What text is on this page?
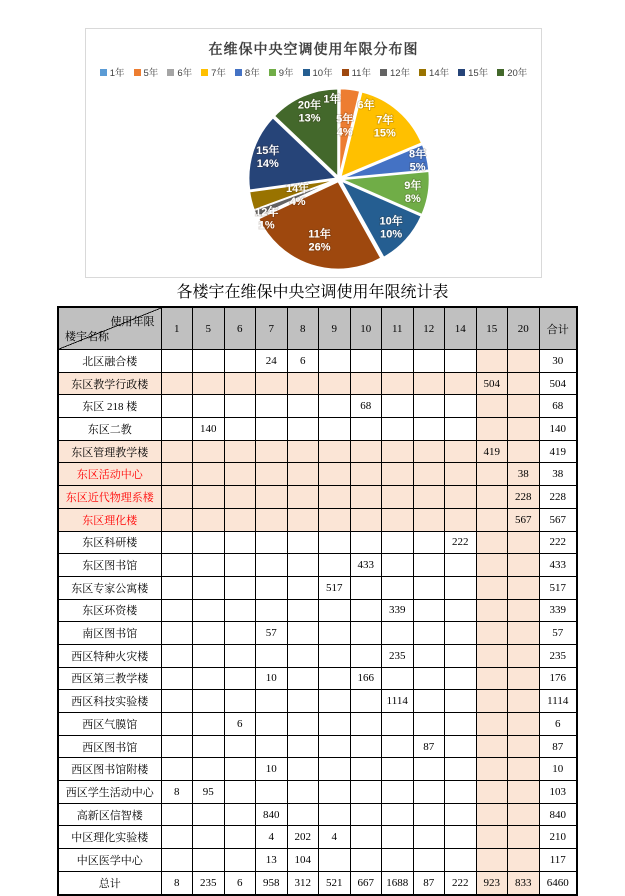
1年
5年 4%
6年
7年 15%
8年 5%
9年 8%
10年 10%
11年 26%
12年 1%
14年 4%
15年 14%
20年 13%
在维保中央空调使用年限分布图
1年 5年 6年 7年 8年 9年 10年 11年 12年 14年 15年 20年
各楼宇在维保中央空调使用年限统计表
使用年限
楼宇名称	1	5	6	7	8	9	10	11	12	14	15	20	合计
北区融合楼				24	6								30
东区教学行政楼											504		504
东区 218 楼							68						68
东区二教		140											140
东区管理教学楼											419		419
东区活动中心												38	38
东区近代物理系楼												228	228
东区理化楼												567	567
东区科研楼										222			222
东区图书馆							433						433
东区专家公寓楼						517							517
东区环资楼								339					339
南区图书馆				57									57
西区特种火灾楼								235					235
西区第三教学楼				10			166						176
西区科技实验楼								1114					1114
西区气膜馆			6										6
西区图书馆									87				87
西区图书馆附楼				10									10
西区学生活动中心	8	95											103
高新区信智楼				840									840
中区理化实验楼				4	202	4							210
中区医学中心				13	104								117
总计	8	235	6	958	312	521	667	1688	87	222	923	833	6460
